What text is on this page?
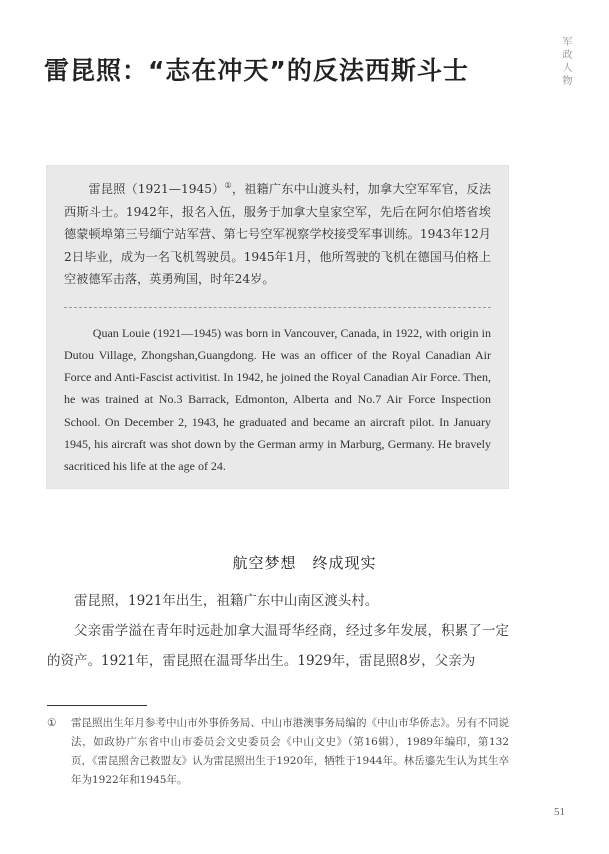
雷昆照：“志在冲天”的反法西斯斗士	军政人物

雷昆照（1921—1945）①，祖籍广东中山渡头村，加拿大空军军官，反法西斯斗士。1942年，报名入伍，服务于加拿大皇家空军，先后在阿尔伯塔省埃德蒙顿埠第三号缅宁站军营、第七号空军视察学校接受军事训练。1943年12月2日毕业，成为一名飞机驾驶员。1945年1月，他所驾驶的飞机在德国马伯格上空被德军击落，英勇殉国，时年24岁。

Quan Louie (1921—1945) was born in Vancouver, Canada, in 1922, with origin in Dutou Village, Zhongshan,Guangdong. He was an officer of the Royal Canadian Air Force and Anti-Fascist activitist. In 1942, he joined the Royal Canadian Air Force. Then, he was trained at No.3 Barrack, Edmonton, Alberta and No.7 Air Force Inspection School. On December 2, 1943, he graduated and became an aircraft pilot. In January 1945, his aircraft was shot down by the German army in Marburg, Germany. He bravely sacriticed his life at the age of 24.

航空梦想　终成现实

雷昆照，1921年出生，祖籍广东中山南区渡头村。

父亲雷学溢在青年时远赴加拿大温哥华经商，经过多年发展，积累了一定的资产。1921年，雷昆照在温哥华出生。1929年，雷昆照8岁，父亲为

①	雷昆照出生年月参考中山市外事侨务局、中山市港澳事务局编的《中山市华侨志》。另有不同说法，如政协广东省中山市委员会文史委员会《中山文史》（第16辑），1989年编印，第132页，《雷昆照舍己救盟友》认为雷昆照出生于1920年，牺牲于1944年。林岳鎏先生认为其生卒年为1922年和1945年。
51
